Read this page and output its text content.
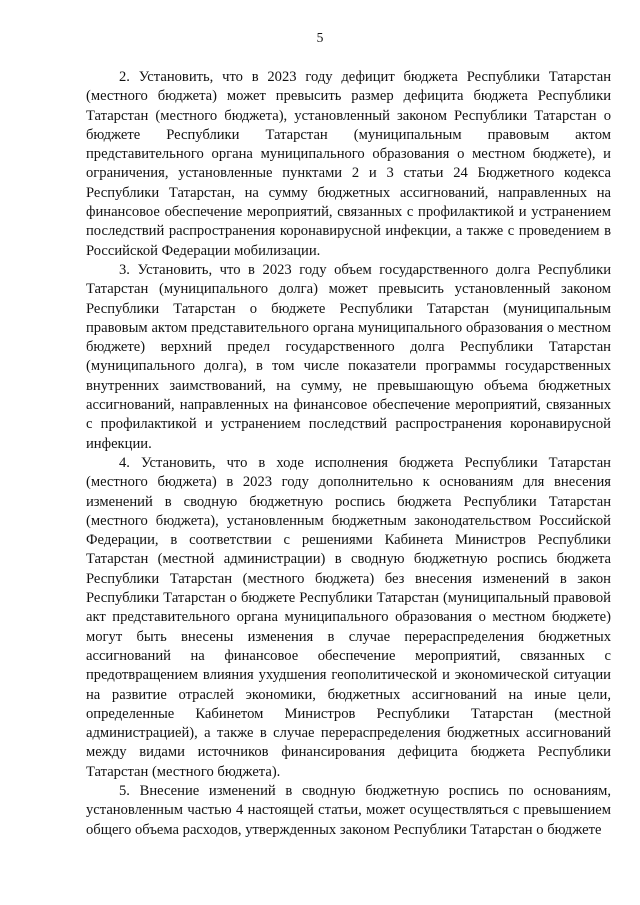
5

2. Установить, что в 2023 году дефицит бюджета Республики Татарстан (местного бюджета) может превысить размер дефицита бюджета Республики Татарстан (местного бюджета), установленный законом Республики Татарстан о бюджете Республики Татарстан (муниципальным правовым актом представительного органа муниципального образования о местном бюджете), и ограничения, установленные пунктами 2 и 3 статьи 24 Бюджетного кодекса Республики Татарстан, на сумму бюджетных ассигнований, направленных на финансовое обеспечение мероприятий, связанных с профилактикой и устранением последствий распространения коронавирусной инфекции, а также с проведением в Российской Федерации мобилизации.

3. Установить, что в 2023 году объем государственного долга Республики Татарстан (муниципального долга) может превысить установленный законом Республики Татарстан о бюджете Республики Татарстан (муниципальным правовым актом представительного органа муниципального образования о местном бюджете) верхний предел государственного долга Республики Татарстан (муниципального долга), в том числе показатели программы государственных внутренних заимствований, на сумму, не превышающую объема бюджетных ассигнований, направленных на финансовое обеспечение мероприятий, связанных с профилактикой и устранением последствий распространения коронавирусной инфекции.

4. Установить, что в ходе исполнения бюджета Республики Татарстан (местного бюджета) в 2023 году дополнительно к основаниям для внесения изменений в сводную бюджетную роспись бюджета Республики Татарстан (местного бюджета), установленным бюджетным законодательством Российской Федерации, в соответствии с решениями Кабинета Министров Республики Татарстан (местной администрации) в сводную бюджетную роспись бюджета Республики Татарстан (местного бюджета) без внесения изменений в закон Республики Татарстан о бюджете Республики Татарстан (муниципальный правовой акт представительного органа муниципального образования о местном бюджете) могут быть внесены изменения в случае перераспределения бюджетных ассигнований на финансовое обеспечение мероприятий, связанных с предотвращением влияния ухудшения геополитической и экономической ситуации на развитие отраслей экономики, бюджетных ассигнований на иные цели, определенные Кабинетом Министров Республики Татарстан (местной администрацией), а также в случае перераспределения бюджетных ассигнований между видами источников финансирования дефицита бюджета Республики Татарстан (местного бюджета).

5. Внесение изменений в сводную бюджетную роспись по основаниям, установленным частью 4 настоящей статьи, может осуществляться с превышением общего объема расходов, утвержденных законом Республики Татарстан о бюджете
